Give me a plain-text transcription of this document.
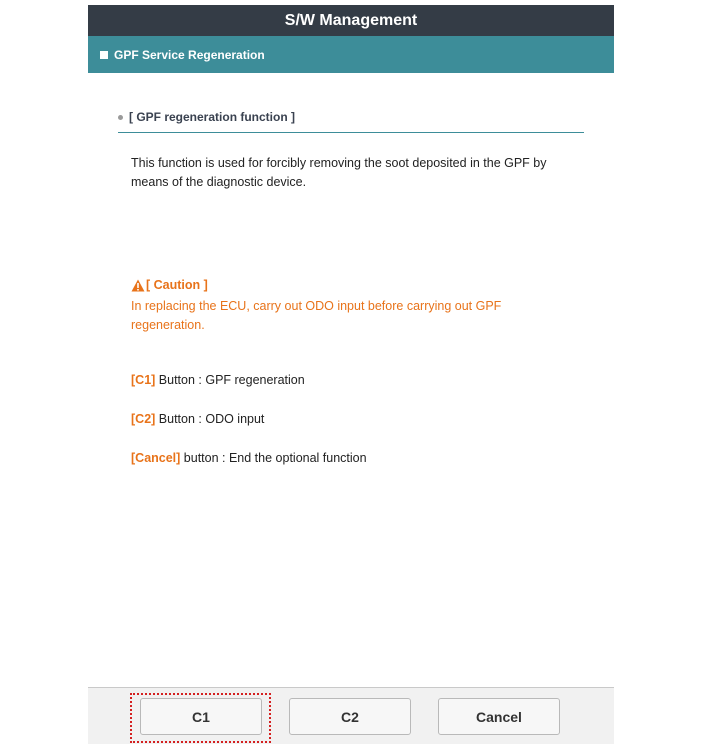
S/W Management
GPF Service Regeneration
[ GPF regeneration function ]
This function is used for forcibly removing the soot deposited in the GPF by means of the diagnostic device.
[ Caution ]
In replacing the ECU, carry out ODO input before carrying out GPF regeneration.
[C1] Button : GPF regeneration
[C2] Button : ODO input
[Cancel] button : End the optional function
C1	C2	Cancel
